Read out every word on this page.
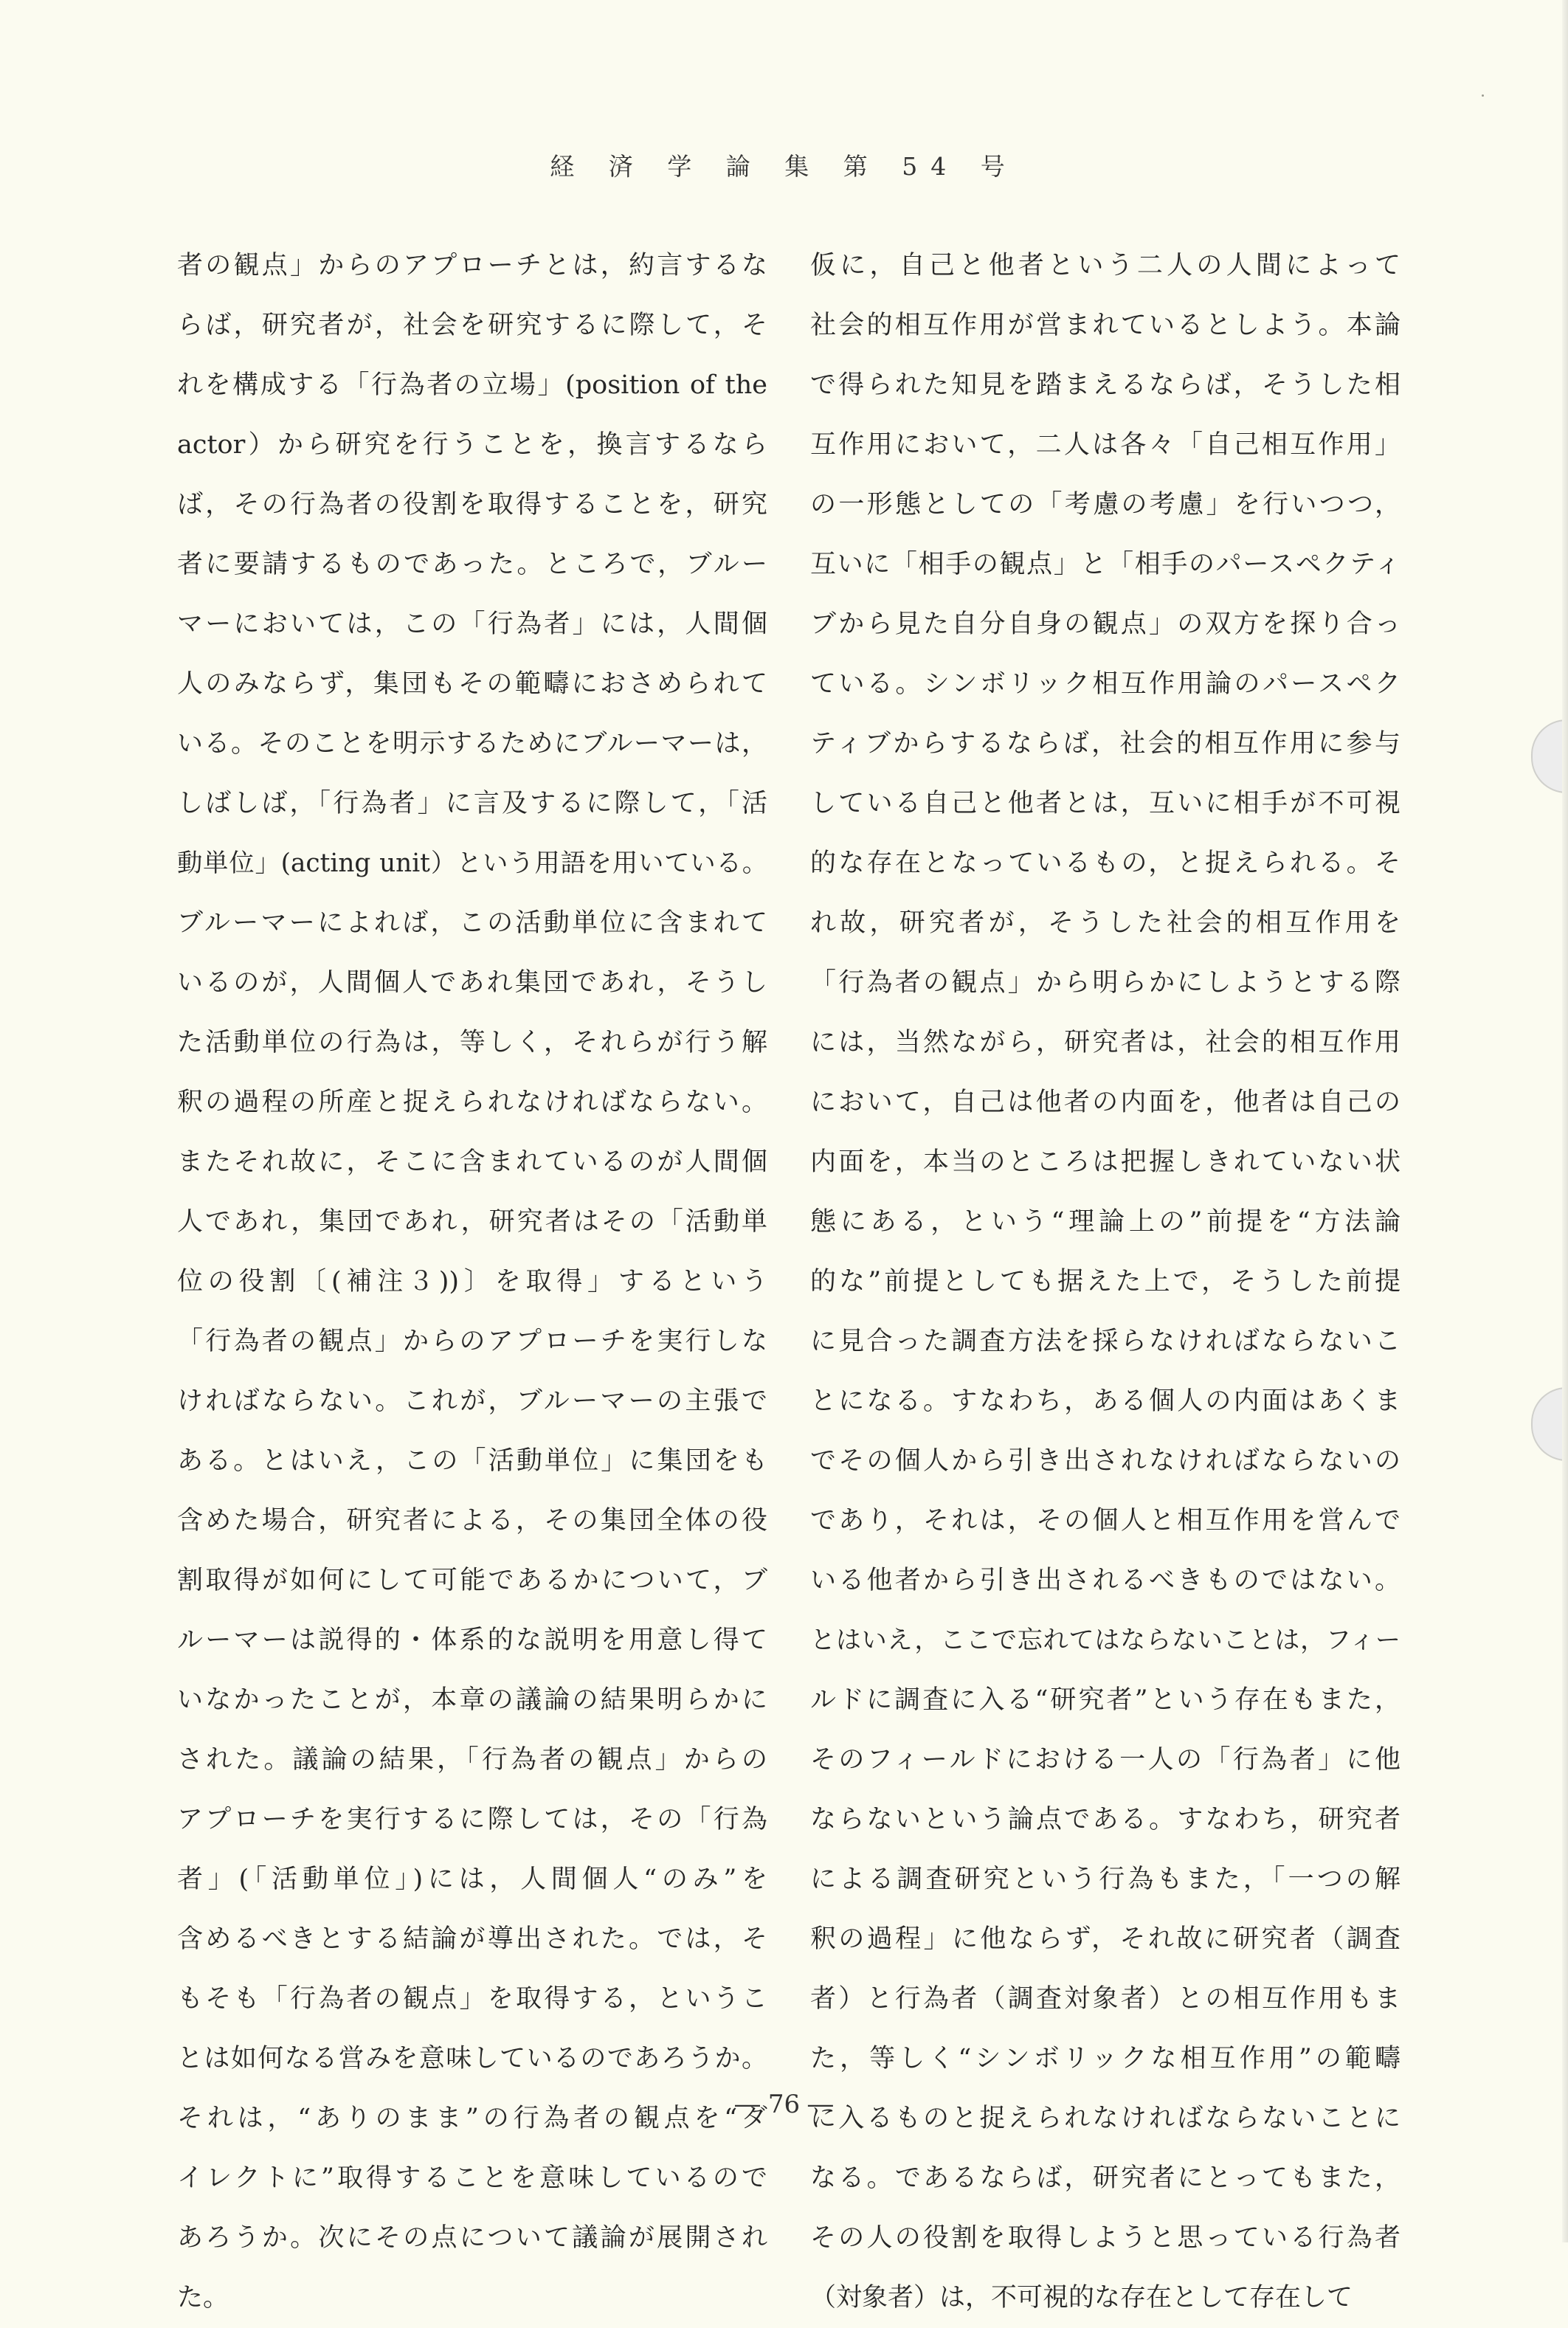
経 済 学 論 集 第 54 号
者の観点」からのアプローチとは，約言するな
らば，研究者が，社会を研究するに際して，そ
れを構成する「行為者の立場」(position of the
actor）から研究を行うことを，換言するなら
ば，その行為者の役割を取得することを，研究
者に要請するものであった。ところで，ブルー
マーにおいては，この「行為者」には，人間個
人のみならず，集団もその範疇におさめられて
いる。そのことを明示するためにブルーマーは，
しばしば，「行為者」に言及するに際して，「活
動単位」(acting unit）という用語を用いている。
ブルーマーによれば，この活動単位に含まれて
いるのが，人間個人であれ集団であれ，そうし
た活動単位の行為は，等しく，それらが行う解
釈の過程の所産と捉えられなければならない。
またそれ故に，そこに含まれているのが人間個
人であれ，集団であれ，研究者はその「活動単
位の役割〔(補注３))〕を取得」するという
「行為者の観点」からのアプローチを実行しな
ければならない。これが，ブルーマーの主張で
ある。とはいえ，この「活動単位」に集団をも
含めた場合，研究者による，その集団全体の役
割取得が如何にして可能であるかについて，ブ
ルーマーは説得的・体系的な説明を用意し得て
いなかったことが，本章の議論の結果明らかに
された。議論の結果，「行為者の観点」からの
アプローチを実行するに際しては，その「行為
者」(「活動単位」)には，人間個人“のみ”を
含めるべきとする結論が導出された。では，そ
もそも「行為者の観点」を取得する，というこ
とは如何なる営みを意味しているのであろうか。
それは，“ありのまま”の行為者の観点を“ダ
イレクトに”取得することを意味しているので
あろうか。次にその点について議論が展開され
た。
仮に，自己と他者という二人の人間によって
社会的相互作用が営まれているとしよう。本論
で得られた知見を踏まえるならば，そうした相
互作用において，二人は各々「自己相互作用」
の一形態としての「考慮の考慮」を行いつつ，
互いに「相手の観点」と「相手のパースペクティ
ブから見た自分自身の観点」の双方を探り合っ
ている。シンボリック相互作用論のパースペク
ティブからするならば，社会的相互作用に参与
している自己と他者とは，互いに相手が不可視
的な存在となっているもの，と捉えられる。そ
れ故，研究者が，そうした社会的相互作用を
「行為者の観点」から明らかにしようとする際
には，当然ながら，研究者は，社会的相互作用
において，自己は他者の内面を，他者は自己の
内面を，本当のところは把握しきれていない状
態にある，という“理論上の”前提を“方法論
的な”前提としても据えた上で，そうした前提
に見合った調査方法を採らなければならないこ
とになる。すなわち，ある個人の内面はあくま
でその個人から引き出されなければならないの
であり，それは，その個人と相互作用を営んで
いる他者から引き出されるべきものではない。
とはいえ，ここで忘れてはならないことは，フィー
ルドに調査に入る“研究者”という存在もまた，
そのフィールドにおける一人の「行為者」に他
ならないという論点である。すなわち，研究者
による調査研究という行為もまた，「一つの解
釈の過程」に他ならず，それ故に研究者（調査
者）と行為者（調査対象者）との相互作用もま
た，等しく“シンボリックな相互作用”の範疇
に入るものと捉えられなければならないことに
なる。であるならば，研究者にとってもまた，
その人の役割を取得しようと思っている行為者
（対象者）は，不可視的な存在として存在して
― 76 ―
